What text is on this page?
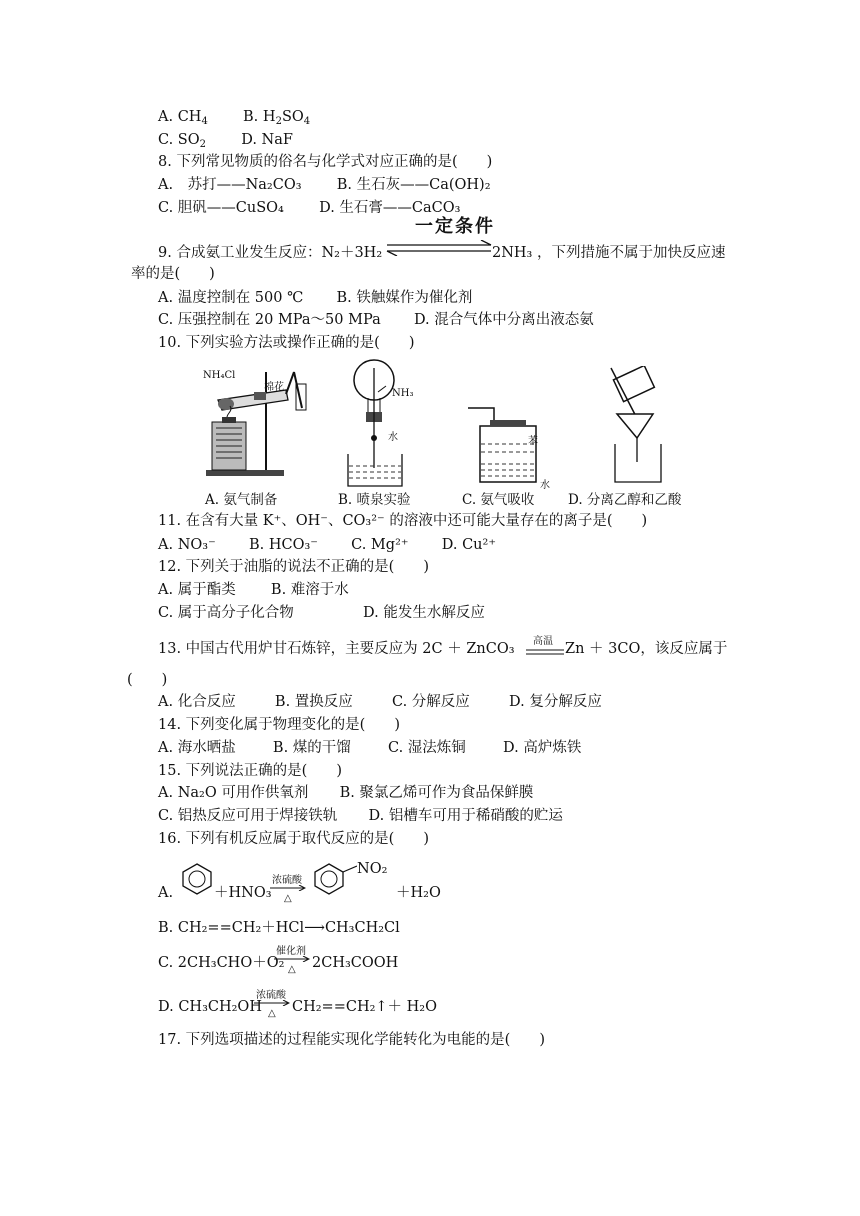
A. $CH_4$ B. $H_2SO_4$
C. $SO_2$ D. NaF
8. 下列常见物质的俗名与化学式对应正确的是(　　)
A.　苏打——Na₂CO₃ B. 生石灰——Ca(OH)₂
C. 胆矾——CuSO₄ D. 生石膏——CaCO₃
一定条件
9. 合成氨工业发生反应：N₂＋3H₂	2NH₃ ，下列措施不属于加快反应速
率的是(　　)
A. 温度控制在 500 ℃ B. 铁触媒作为催化剂
C. 压强控制在 20 MPa～50 MPa D. 混合气体中分离出液态氨
10. 下列实验方法或操作正确的是(　　)
NH₄Cl
棉花
A. 氨气制备
NH₃
水
B. 喷泉实验
苯
水
C. 氨气吸收 D. 分离乙醇和乙酸
11. 在含有大量 K⁺、OH⁻、CO₃²⁻ 的溶液中还可能大量存在的离子是(　　)
A. NO₃⁻ B. HCO₃⁻ C. Mg²⁺ D. Cu²⁺
12. 下列关于油脂的说法不正确的是(　　)
A. 属于酯类 B. 难溶于水
C. 属于高分子化合物	D. 能发生水解反应
13. 中国古代用炉甘石炼锌，主要反应为 2C ＋ ZnCO₃ 高温 Zn ＋ 3CO，该反应属于
(　　)
A. 化合反应	B. 置换反应	C. 分解反应	D. 复分解反应
14. 下列变化属于物理变化的是(　　)
A. 海水晒盐	B. 煤的干馏	C. 湿法炼铜	D. 高炉炼铁
15. 下列说法正确的是(　　)
A. Na₂O 可用作供氧剂 B. 聚氯乙烯可作为食品保鲜膜
C. 铝热反应可用于焊接铁轨 D. 铝槽车可用于稀硝酸的贮运
16. 下列有机反应属于取代反应的是(　　)
A.	＋HNO₃
浓硫酸
△
NO₂
＋H₂O
B. CH₂==CH₂＋HCl⟶CH₃CH₂Cl
C. 2CH₃CHO＋O₂
催化剂
△ 2CH₃COOH
D. CH₃CH₂OH
浓硫酸
△ CH₂==CH₂↑＋ H₂O
17. 下列选项描述的过程能实现化学能转化为电能的是(　　)
